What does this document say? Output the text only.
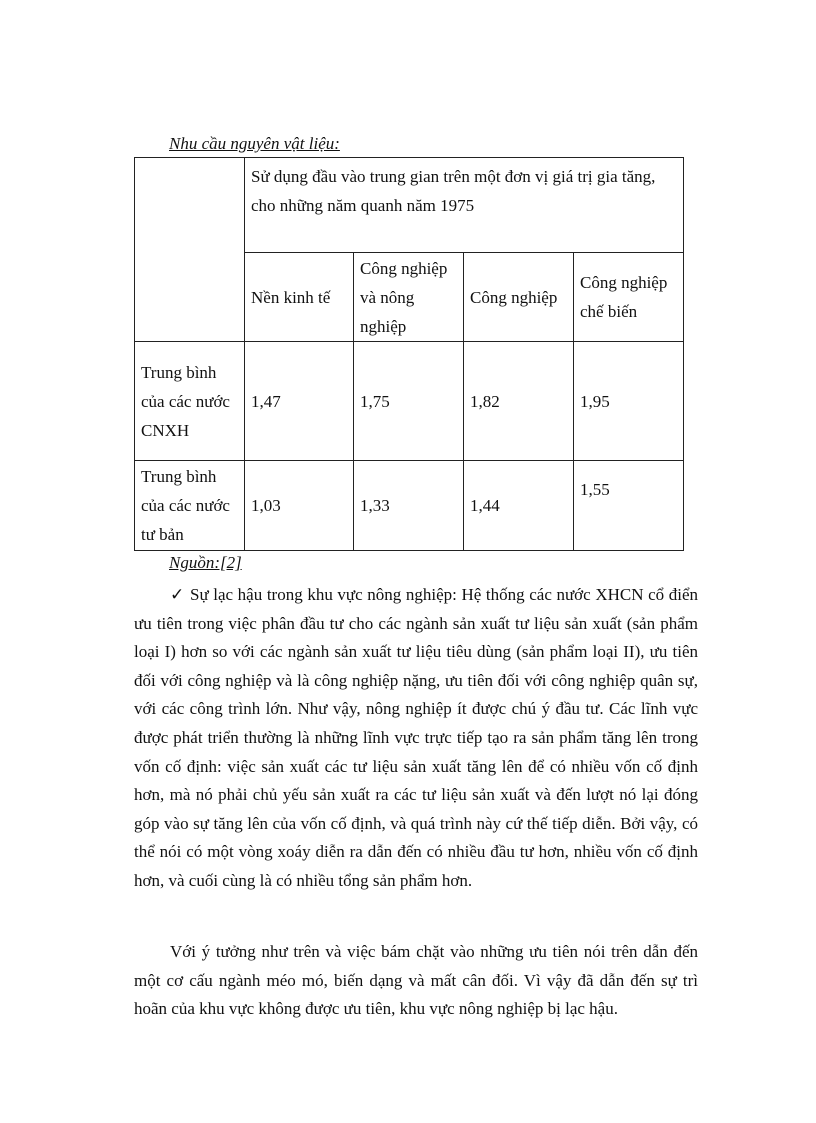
Nhu cầu nguyên vật liệu:
	Sử dụng đầu vào trung gian trên một đơn vị giá trị gia tăng, cho những năm quanh năm 1975			
	Nền kinh tế	Công nghiệp và nông nghiệp	Công nghiệp	Công nghiệp chế biến
Trung bình của các nước CNXH	1,47	1,75	1,82	1,95
Trung bình của các nước tư bản	1,03	1,33	1,44	1,55
Nguồn:[2]

✓ Sự lạc hậu trong khu vực nông nghiệp: Hệ thống các nước XHCN cổ điển ưu tiên trong việc phân đầu tư cho các ngành sản xuất tư liệu sản xuất (sản phẩm loại I) hơn so với các ngành sản xuất tư liệu tiêu dùng (sản phẩm loại II), ưu tiên đối với công nghiệp và là công nghiệp nặng, ưu tiên đối với công nghiệp quân sự, với các công trình lớn. Như vậy, nông nghiệp ít được chú ý đầu tư. Các lĩnh vực được phát triển thường là những lĩnh vực trực tiếp tạo ra sản phẩm tăng lên trong vốn cố định: việc sản xuất các tư liệu sản xuất tăng lên để có nhiều vốn cố định hơn, mà nó phải chủ yếu sản xuất ra các tư liệu sản xuất và đến lượt nó lại đóng góp vào sự tăng lên của vốn cố định, và quá trình này cứ thế tiếp diễn. Bởi vậy, có thể nói có một vòng xoáy diễn ra dẫn đến có nhiều đầu tư hơn, nhiều vốn cố định hơn, và cuối cùng là có nhiều tổng sản phẩm hơn.

Với ý tưởng như trên và việc bám chặt vào những ưu tiên nói trên dẫn đến một cơ cấu ngành méo mó, biến dạng và mất cân đối. Vì vậy đã dẫn đến sự trì hoãn của khu vực không được ưu tiên, khu vực nông nghiệp bị lạc hậu.
